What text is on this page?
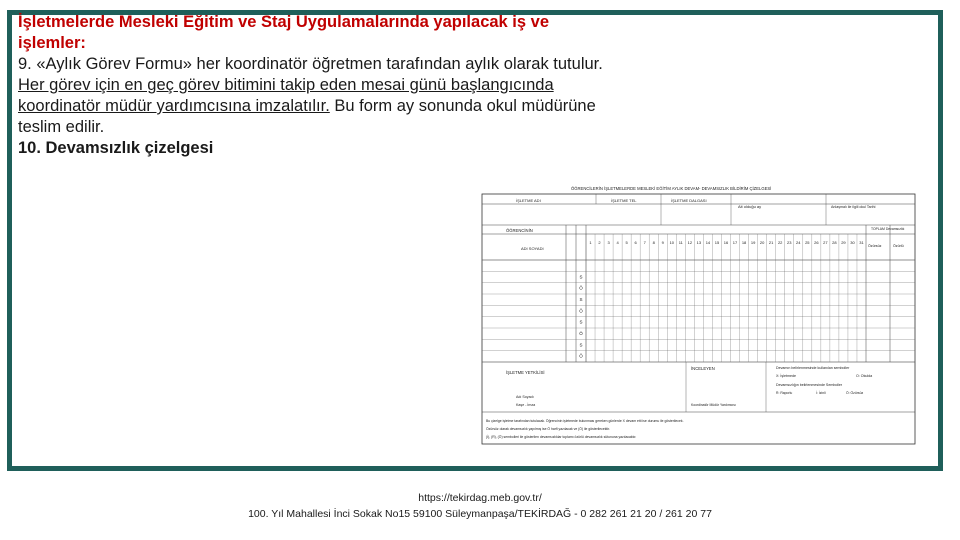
İşletmelerde Mesleki Eğitim ve Staj Uygulamalarında yapılacak iş ve işlemler:
9. «Aylık Görev Formu» her koordinatör öğretmen tarafından aylık olarak tutulur. Her görev için en geç görev bitimini takip eden mesai günü başlangıcında koordinatör müdür yardımcısına imzalatılır. Bu form ay sonunda okul müdürüne teslim edilir.
10. Devamsızlık çizelgesi
ÖĞRENCİLERİN İŞLETMELERDE MESLEKİ EĞİTİM AYLIK DEVAM- DEVAMSIZLIK BİLDİRİM ÇİZELGESİ
1 2 3 4 5 6 7 8 9 10 11 12 13 14 15 16 17 18 19 20 21 22 23 24 25 26 27 28 29 30 31
S
Ö
S
Ö
S
Ö
S
Ö
İŞLETME ADI	İŞLETME TEL	İŞLETME DALGASI
Ait olduğu ay	Anlaşmalı ile ilgili okul Tarihi
ÖĞRENCİNİN
ADI SOYADI	Özürsüz	Özürlü
TOPLAM Devamsızlık
İŞLETME YETKİLİSİ
Adı Soyadı
Kaşe - İmza
İNCELEYEN
Koordinatör Müdür Yardımcısı
Devamın belirlenmesinde kullanılan semboller
X: İşletmede	O: Okulda
Devamsızlığın belirlenmesinde Semboller
R: Raporlu	İ: İzinli	Ö: Özürsüz
Bu çizelge işletme tarafından tutulacak. Öğrencinin işletmede bulunması gereken günlerde X devam etti ise durumu ile gösterilecek.
Özürsüz olarak devamsızlık yapılmış ise Ö harfi yazılacak ve (Ö) ile gösterilecektir.
(İ), (R), (Ö) sembolleri ile gösterilen devamsızlıklar toplamı özürlü devamsızlık sütununa yazılacaktır.
https://tekirdag.meb.gov.tr/
100. Yıl Mahallesi İnci Sokak No15 59100 Süleymanpaşa/TEKİRDAĞ - 0 282 261 21 20 / 261 20 77
